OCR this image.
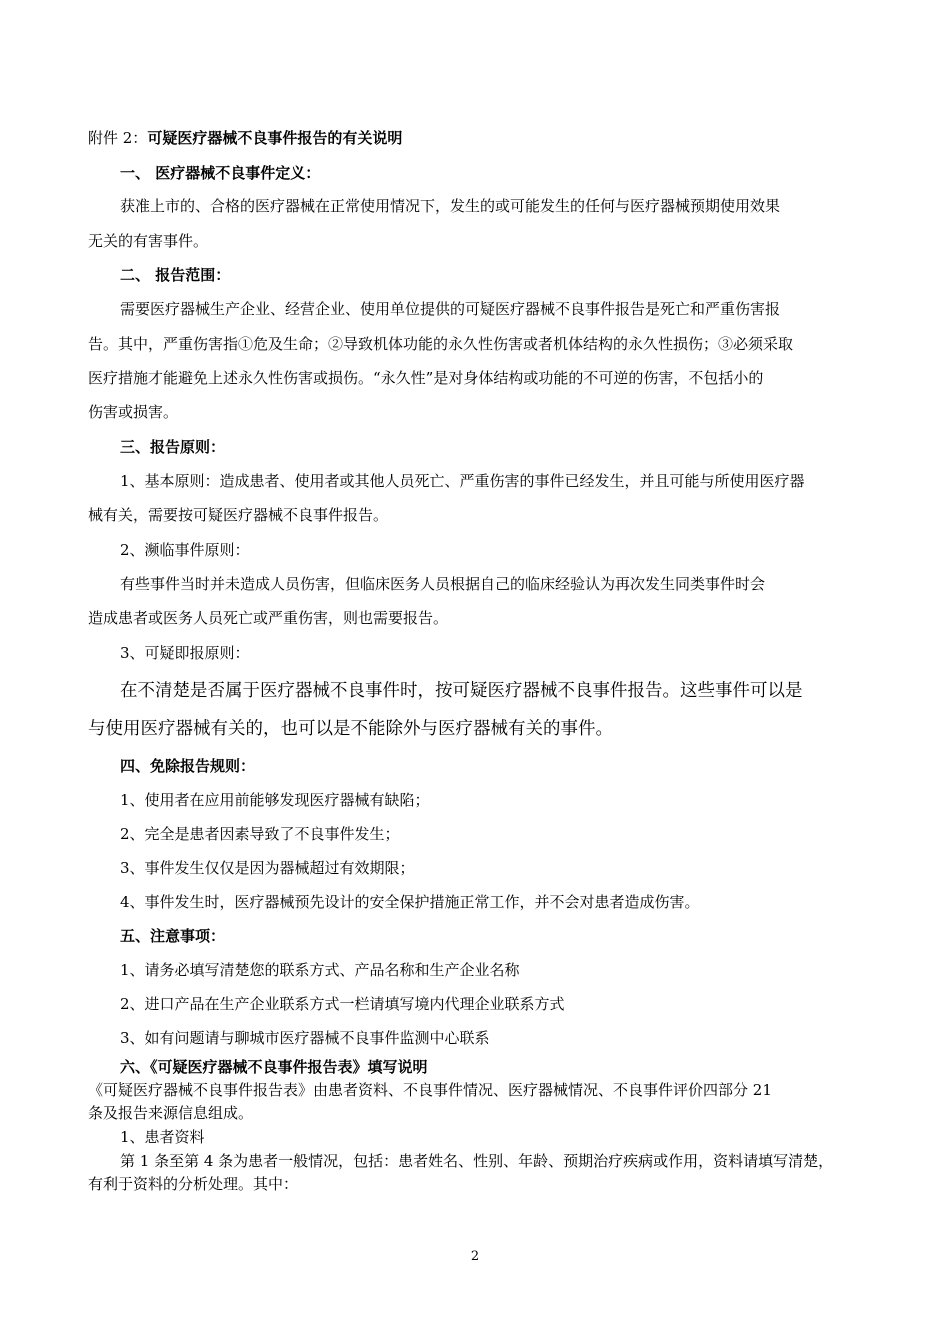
附件 2：可疑医疗器械不良事件报告的有关说明
一、 医疗器械不良事件定义：
获准上市的、合格的医疗器械在正常使用情况下，发生的或可能发生的任何与医疗器械预期使用效果
无关的有害事件。
二、 报告范围：
需要医疗器械生产企业、经营企业、使用单位提供的可疑医疗器械不良事件报告是死亡和严重伤害报
告。其中，严重伤害指①危及生命；②导致机体功能的永久性伤害或者机体结构的永久性损伤；③必须采取
医疗措施才能避免上述永久性伤害或损伤。“永久性”是对身体结构或功能的不可逆的伤害，不包括小的
伤害或损害。
三、报告原则：
1、基本原则：造成患者、使用者或其他人员死亡、严重伤害的事件已经发生，并且可能与所使用医疗器
械有关，需要按可疑医疗器械不良事件报告。
2、濒临事件原则：
有些事件当时并未造成人员伤害，但临床医务人员根据自己的临床经验认为再次发生同类事件时会
造成患者或医务人员死亡或严重伤害，则也需要报告。
3、可疑即报原则：
在不清楚是否属于医疗器械不良事件时，按可疑医疗器械不良事件报告。这些事件可以是
与使用医疗器械有关的，也可以是不能除外与医疗器械有关的事件。
四、免除报告规则：
1、使用者在应用前能够发现医疗器械有缺陷；
2、完全是患者因素导致了不良事件发生；
3、事件发生仅仅是因为器械超过有效期限；
4、事件发生时，医疗器械预先设计的安全保护措施正常工作，并不会对患者造成伤害。
五、注意事项：
1、请务必填写清楚您的联系方式、产品名称和生产企业名称
2、进口产品在生产企业联系方式一栏请填写境内代理企业联系方式
3、如有问题请与聊城市医疗器械不良事件监测中心联系
六、《可疑医疗器械不良事件报告表》填写说明
《可疑医疗器械不良事件报告表》由患者资料、不良事件情况、医疗器械情况、不良事件评价四部分 21
条及报告来源信息组成。
1、患者资料
第 1 条至第 4 条为患者一般情况，包括：患者姓名、性别、年龄、预期治疗疾病或作用，资料请填写清楚，
有利于资料的分析处理。其中：
2
